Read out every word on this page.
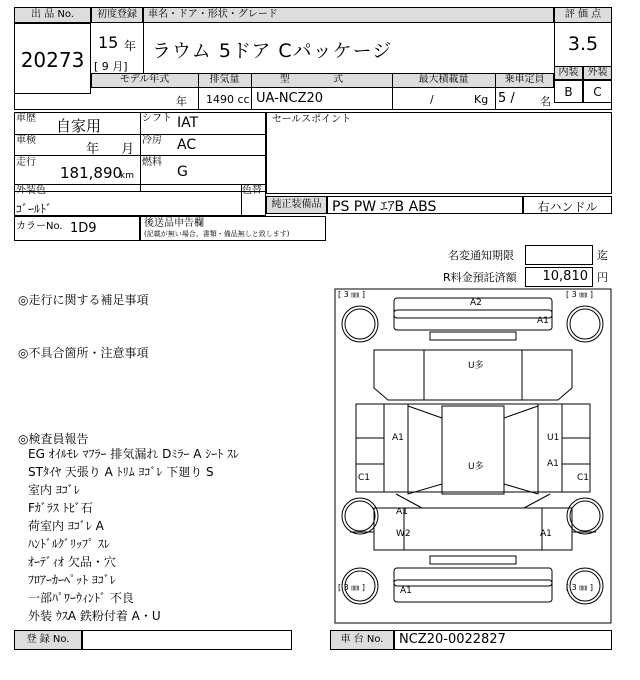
出 品 No.
20273
初度登録	車名・ドア・形状・グレード
15 年
[ 9 月]
ラウム 5ドア Cパッケージ
評 価 点
3.5
内装 外装
B	C
モデル年式	排気量	型 式	最大積載量	乗車定員
年 1490 cc UA-NCZ20	/	Kg 5 / 名
車歴 自家用	シフト IAT
車検
年 月
冷房 AC
走行
181,890
km
燃料
G
外装色
ｺﾞｰﾙﾄﾞ
色替
カラーNo. 1D9	後送品申告欄
(記載が無い場合、書類・備品無しと致します)
セールスポイント
純正装備品 PS PW ｴｱB ABS	右ハンドル
名変通知期限	迄
R料金預託済額	10,810 円
◎走行に関する補足事項
◎不具合箇所・注意事項
◎検査員報告
EG ｵｲﾙﾓﾚ ﾏﾌﾗｰ 排気漏れ Dﾐﾗｰ A ｼｰﾄ ｽﾚ
STﾀｲﾔ 天張り A ﾄﾘﾑ ﾖｺﾞﾚ 下廻り S
室内 ﾖｺﾞﾚ
Fｶﾞﾗｽ ﾄﾋﾞ石
荷室内 ﾖｺﾞﾚ A
ﾊﾝﾄﾞﾙｸﾞﾘｯﾌﾟ ｽﾚ
ｵｰﾃﾞｨｵ 欠品・穴
ﾌﾛｱｰｶｰﾍﾟｯﾄ ﾖｺﾞﾚ
一部ﾊﾟﾜｰｳｨﾝﾄﾞ 不良
外装 ｳｽA 鉄粉付着 A・U
[ 3 ㎜ ]	[ 3 ㎜ ]
[ 3 ㎜ ]	[ 3 ㎜ ]
A2
A1
U多
A1	U1
U多	A1
C1	C1
A1
W2	A1
A1
登 録 No.	車 台 No.	NCZ20-0022827
